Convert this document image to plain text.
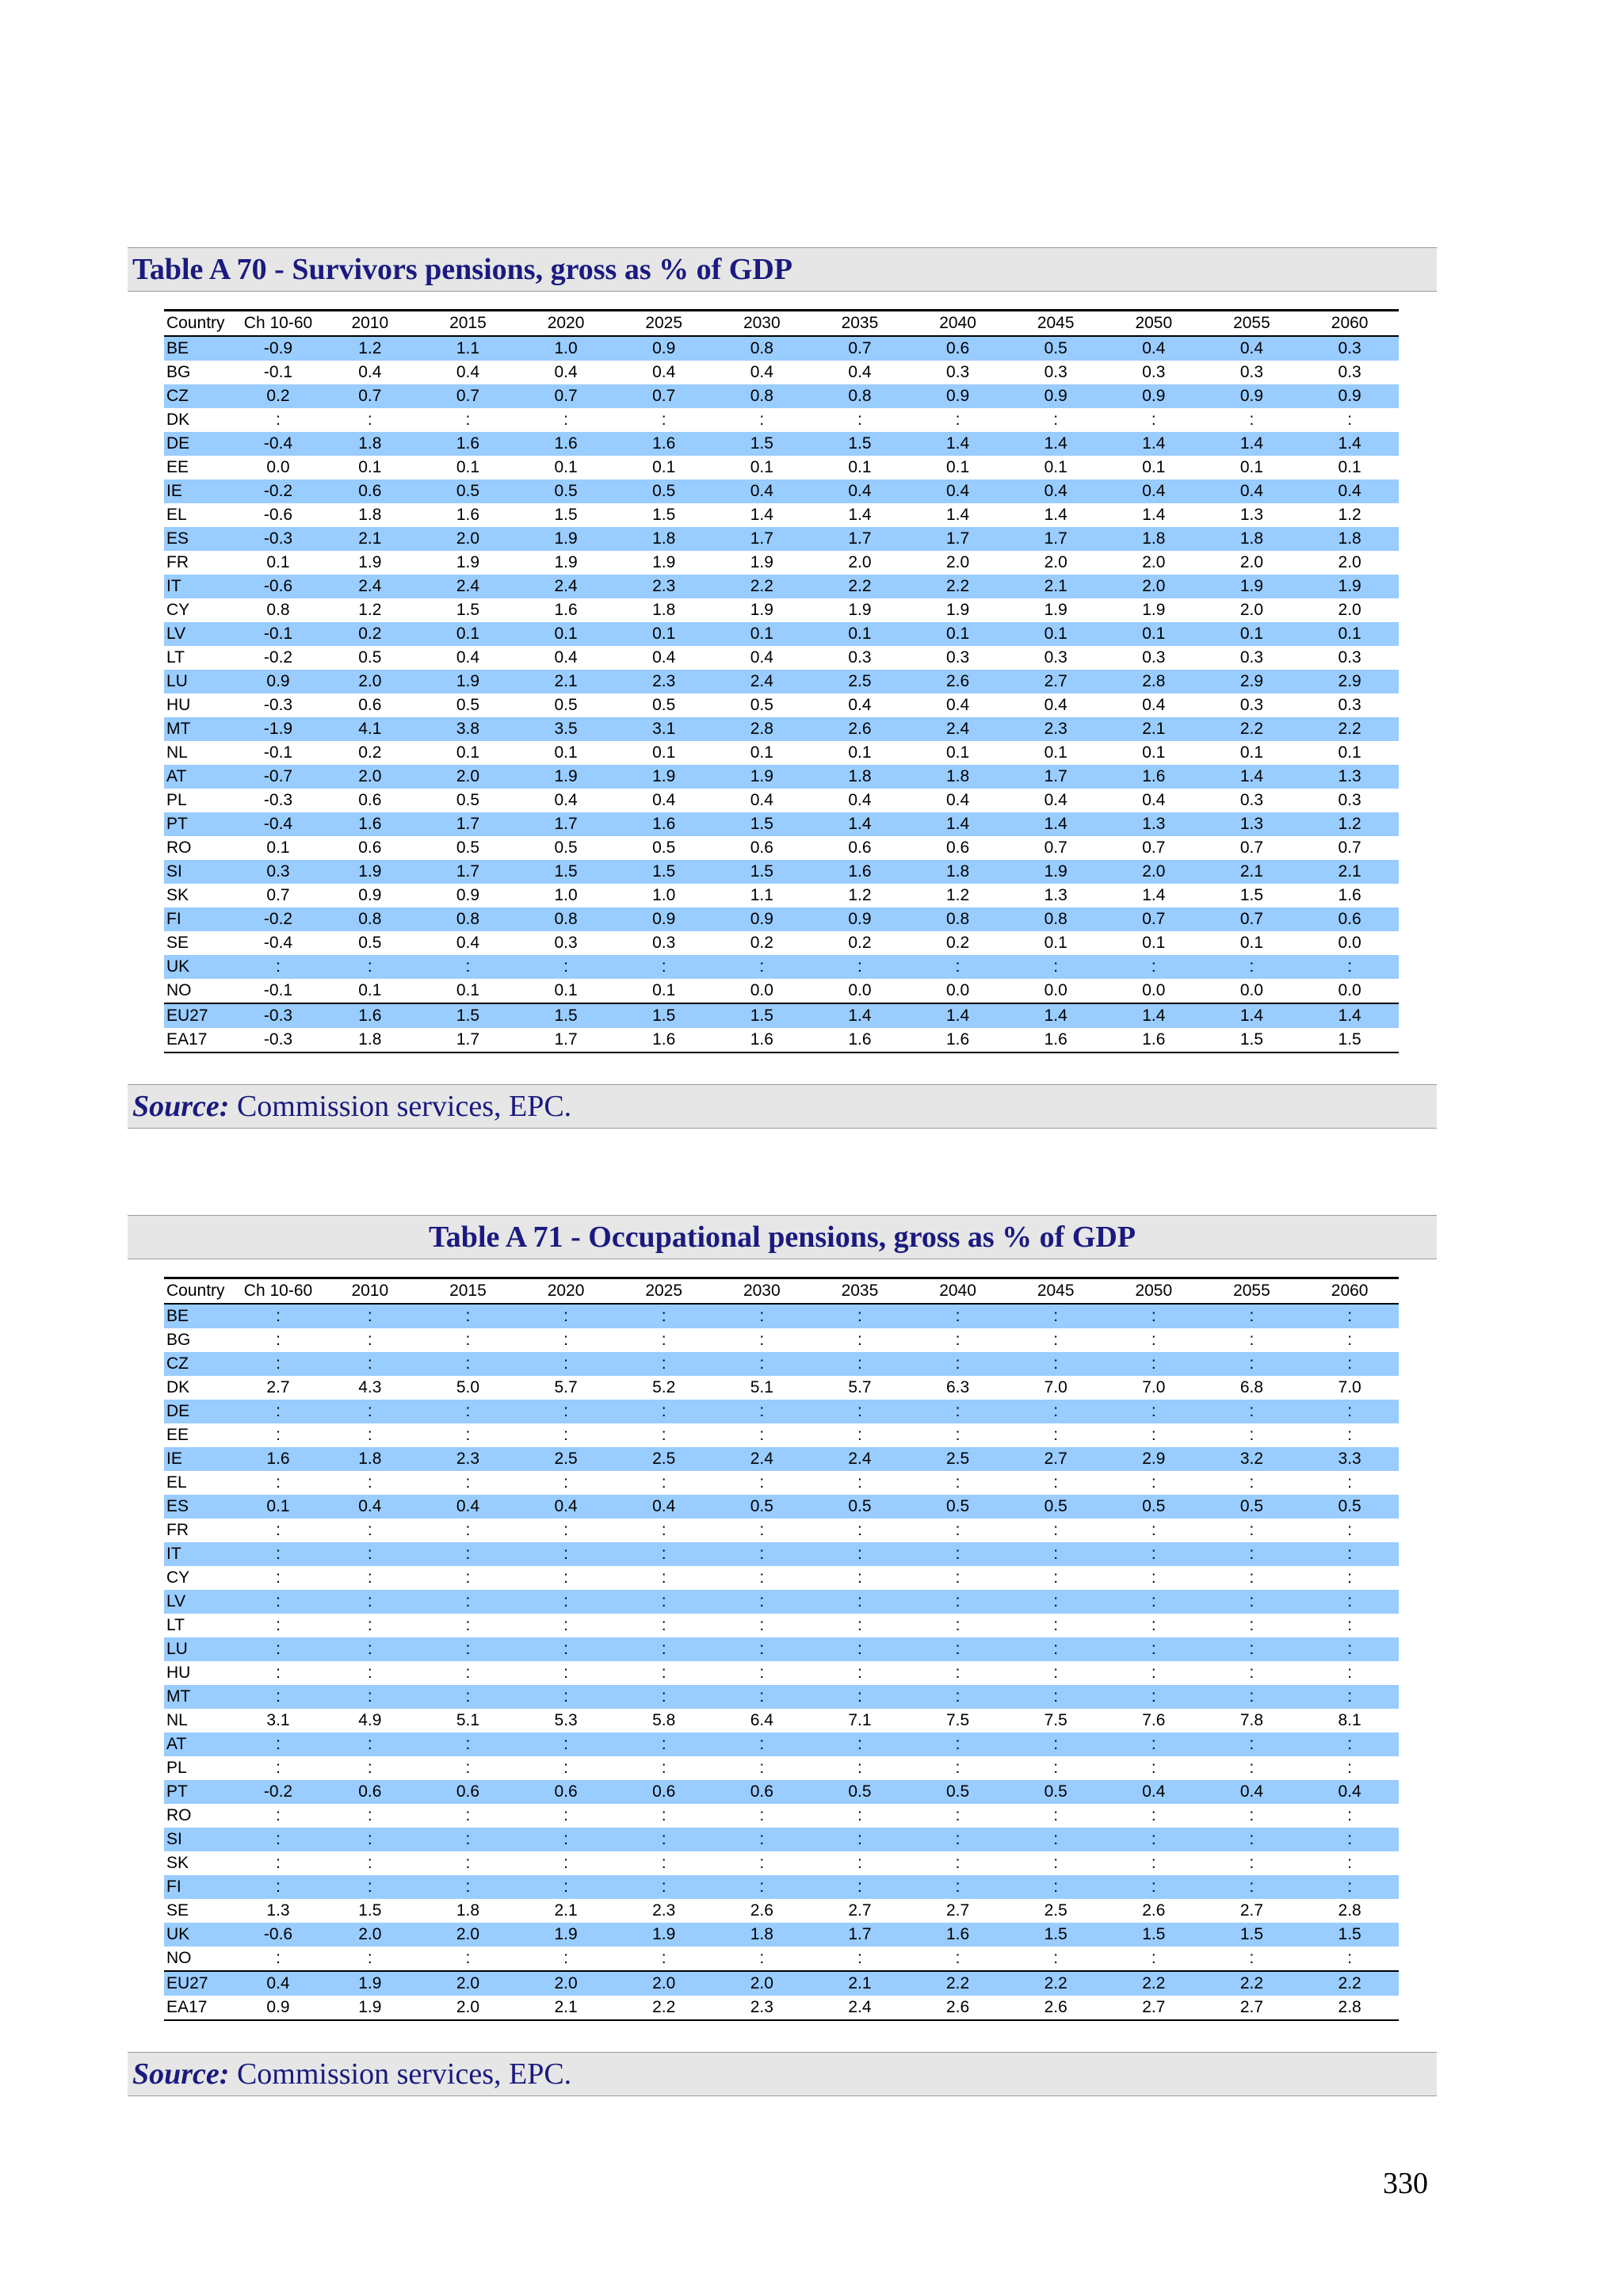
Table A 70 - Survivors pensions, gross as % of GDP
Country	Ch 10-60	2010	2015	2020	2025	2030	2035	2040	2045	2050	2055	2060
BE	-0.9	1.2	1.1	1.0	0.9	0.8	0.7	0.6	0.5	0.4	0.4	0.3
BG	-0.1	0.4	0.4	0.4	0.4	0.4	0.4	0.3	0.3	0.3	0.3	0.3
CZ	0.2	0.7	0.7	0.7	0.7	0.8	0.8	0.9	0.9	0.9	0.9	0.9
DK	:	:	:	:	:	:	:	:	:	:	:	:
DE	-0.4	1.8	1.6	1.6	1.6	1.5	1.5	1.4	1.4	1.4	1.4	1.4
EE	0.0	0.1	0.1	0.1	0.1	0.1	0.1	0.1	0.1	0.1	0.1	0.1
IE	-0.2	0.6	0.5	0.5	0.5	0.4	0.4	0.4	0.4	0.4	0.4	0.4
EL	-0.6	1.8	1.6	1.5	1.5	1.4	1.4	1.4	1.4	1.4	1.3	1.2
ES	-0.3	2.1	2.0	1.9	1.8	1.7	1.7	1.7	1.7	1.8	1.8	1.8
FR	0.1	1.9	1.9	1.9	1.9	1.9	2.0	2.0	2.0	2.0	2.0	2.0
IT	-0.6	2.4	2.4	2.4	2.3	2.2	2.2	2.2	2.1	2.0	1.9	1.9
CY	0.8	1.2	1.5	1.6	1.8	1.9	1.9	1.9	1.9	1.9	2.0	2.0
LV	-0.1	0.2	0.1	0.1	0.1	0.1	0.1	0.1	0.1	0.1	0.1	0.1
LT	-0.2	0.5	0.4	0.4	0.4	0.4	0.3	0.3	0.3	0.3	0.3	0.3
LU	0.9	2.0	1.9	2.1	2.3	2.4	2.5	2.6	2.7	2.8	2.9	2.9
HU	-0.3	0.6	0.5	0.5	0.5	0.5	0.4	0.4	0.4	0.4	0.3	0.3
MT	-1.9	4.1	3.8	3.5	3.1	2.8	2.6	2.4	2.3	2.1	2.2	2.2
NL	-0.1	0.2	0.1	0.1	0.1	0.1	0.1	0.1	0.1	0.1	0.1	0.1
AT	-0.7	2.0	2.0	1.9	1.9	1.9	1.8	1.8	1.7	1.6	1.4	1.3
PL	-0.3	0.6	0.5	0.4	0.4	0.4	0.4	0.4	0.4	0.4	0.3	0.3
PT	-0.4	1.6	1.7	1.7	1.6	1.5	1.4	1.4	1.4	1.3	1.3	1.2
RO	0.1	0.6	0.5	0.5	0.5	0.6	0.6	0.6	0.7	0.7	0.7	0.7
SI	0.3	1.9	1.7	1.5	1.5	1.5	1.6	1.8	1.9	2.0	2.1	2.1
SK	0.7	0.9	0.9	1.0	1.0	1.1	1.2	1.2	1.3	1.4	1.5	1.6
FI	-0.2	0.8	0.8	0.8	0.9	0.9	0.9	0.8	0.8	0.7	0.7	0.6
SE	-0.4	0.5	0.4	0.3	0.3	0.2	0.2	0.2	0.1	0.1	0.1	0.0
UK	:	:	:	:	:	:	:	:	:	:	:	:
NO	-0.1	0.1	0.1	0.1	0.1	0.0	0.0	0.0	0.0	0.0	0.0	0.0
EU27	-0.3	1.6	1.5	1.5	1.5	1.5	1.4	1.4	1.4	1.4	1.4	1.4
EA17	-0.3	1.8	1.7	1.7	1.6	1.6	1.6	1.6	1.6	1.6	1.5	1.5
Source: Commission services, EPC.
Table A 71 - Occupational pensions, gross as % of GDP
Country	Ch 10-60	2010	2015	2020	2025	2030	2035	2040	2045	2050	2055	2060
BE	:	:	:	:	:	:	:	:	:	:	:	:
BG	:	:	:	:	:	:	:	:	:	:	:	:
CZ	:	:	:	:	:	:	:	:	:	:	:	:
DK	2.7	4.3	5.0	5.7	5.2	5.1	5.7	6.3	7.0	7.0	6.8	7.0
DE	:	:	:	:	:	:	:	:	:	:	:	:
EE	:	:	:	:	:	:	:	:	:	:	:	:
IE	1.6	1.8	2.3	2.5	2.5	2.4	2.4	2.5	2.7	2.9	3.2	3.3
EL	:	:	:	:	:	:	:	:	:	:	:	:
ES	0.1	0.4	0.4	0.4	0.4	0.5	0.5	0.5	0.5	0.5	0.5	0.5
FR	:	:	:	:	:	:	:	:	:	:	:	:
IT	:	:	:	:	:	:	:	:	:	:	:	:
CY	:	:	:	:	:	:	:	:	:	:	:	:
LV	:	:	:	:	:	:	:	:	:	:	:	:
LT	:	:	:	:	:	:	:	:	:	:	:	:
LU	:	:	:	:	:	:	:	:	:	:	:	:
HU	:	:	:	:	:	:	:	:	:	:	:	:
MT	:	:	:	:	:	:	:	:	:	:	:	:
NL	3.1	4.9	5.1	5.3	5.8	6.4	7.1	7.5	7.5	7.6	7.8	8.1
AT	:	:	:	:	:	:	:	:	:	:	:	:
PL	:	:	:	:	:	:	:	:	:	:	:	:
PT	-0.2	0.6	0.6	0.6	0.6	0.6	0.5	0.5	0.5	0.4	0.4	0.4
RO	:	:	:	:	:	:	:	:	:	:	:	:
SI	:	:	:	:	:	:	:	:	:	:	:	:
SK	:	:	:	:	:	:	:	:	:	:	:	:
FI	:	:	:	:	:	:	:	:	:	:	:	:
SE	1.3	1.5	1.8	2.1	2.3	2.6	2.7	2.7	2.5	2.6	2.7	2.8
UK	-0.6	2.0	2.0	1.9	1.9	1.8	1.7	1.6	1.5	1.5	1.5	1.5
NO	:	:	:	:	:	:	:	:	:	:	:	:
EU27	0.4	1.9	2.0	2.0	2.0	2.0	2.1	2.2	2.2	2.2	2.2	2.2
EA17	0.9	1.9	2.0	2.1	2.2	2.3	2.4	2.6	2.6	2.7	2.7	2.8
Source: Commission services, EPC.
330
